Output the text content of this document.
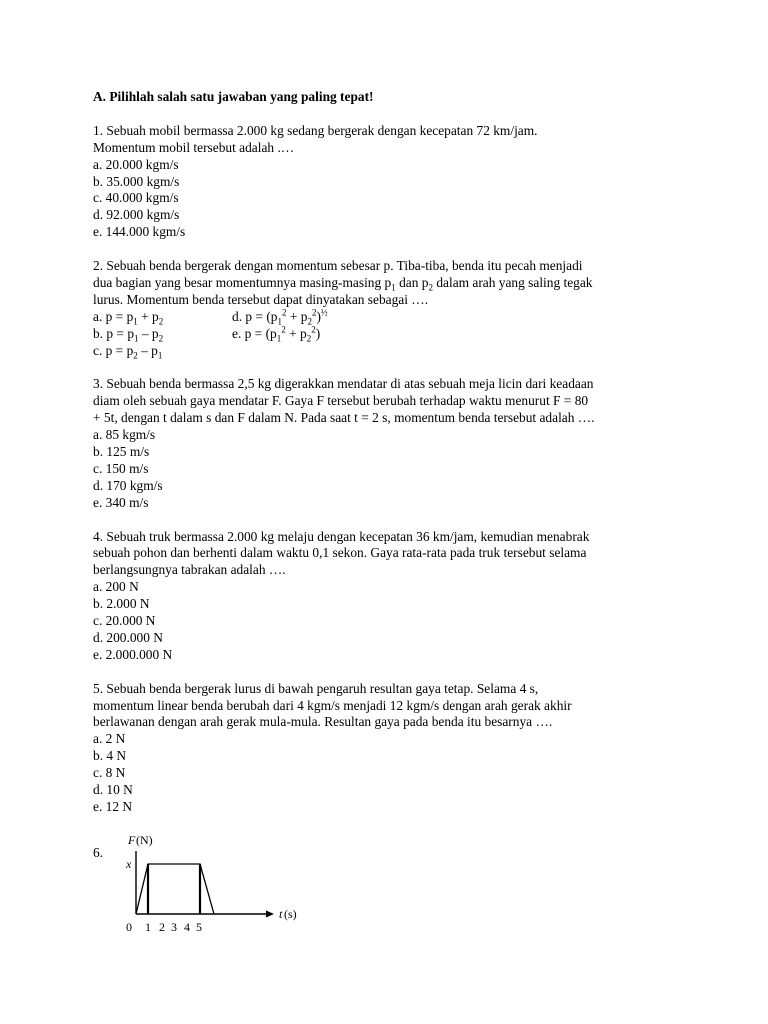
A. Pilihlah salah satu jawaban yang paling tepat!
1. Sebuah mobil bermassa 2.000 kg sedang bergerak dengan kecepatan 72 km/jam.
Momentum mobil tersebut adalah .…
a. 20.000 kgm/s
b. 35.000 kgm/s
c. 40.000 kgm/s
d. 92.000 kgm/s
e. 144.000 kgm/s
2. Sebuah benda bergerak dengan momentum sebesar p. Tiba-tiba, benda itu pecah menjadi
dua bagian yang besar momentumnya masing-masing $p_1$ dan $p_2$ dalam arah yang saling tegak
lurus. Momentum benda tersebut dapat dinyatakan sebagai ….
a. $p = p_1 + p_2$	d. $p = (p_1^2 + p_2^2)^{\frac{1}{2}}$
b. $p = p_1 - p_2$	e. $p = (p_1^2 + p_2^2)$
c. $p = p_2 - p_1$
3. Sebuah benda bermassa 2,5 kg digerakkan mendatar di atas sebuah meja licin dari keadaan
diam oleh sebuah gaya mendatar F. Gaya F tersebut berubah terhadap waktu menurut F = 80
+ 5t, dengan t dalam s dan F dalam N. Pada saat t = 2 s, momentum benda tersebut adalah ….
a. 85 kgm/s
b. 125 m/s
c. 150 m/s
d. 170 kgm/s
e. 340 m/s
4. Sebuah truk bermassa 2.000 kg melaju dengan kecepatan 36 km/jam, kemudian menabrak
sebuah pohon dan berhenti dalam waktu 0,1 sekon. Gaya rata-rata pada truk tersebut selama
berlangsungnya tabrakan adalah ….
a. 200 N
b. 2.000 N
c. 20.000 N
d. 200.000 N
e. 2.000.000 N
5. Sebuah benda bergerak lurus di bawah pengaruh resultan gaya tetap. Selama 4 s,
momentum linear benda berubah dari 4 kgm/s menjadi 12 kgm/s dengan arah gerak akhir
berlawanan dengan arah gerak mula-mula. Resultan gaya pada benda itu besarnya ….
a. 2 N
b. 4 N
c. 8 N
d. 10 N
e. 12 N
6.
F (N)
t (s)
x
0 1 2 3 4 5
